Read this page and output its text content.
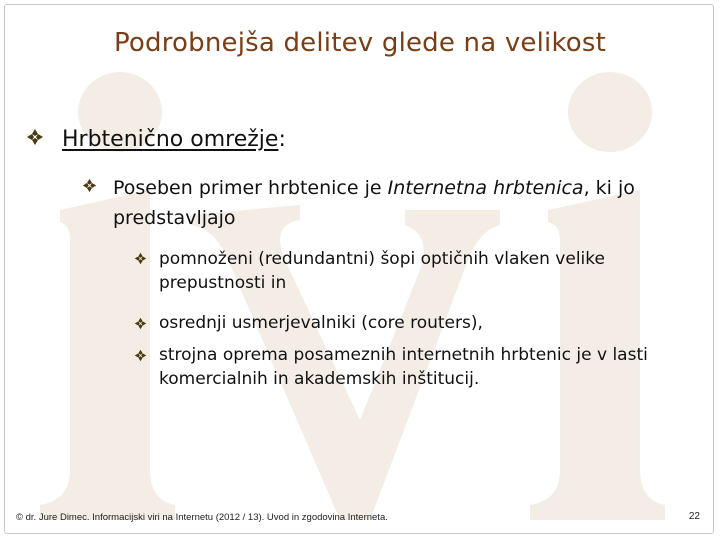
Podrobnejša delitev glede na velikost
Hrbtenično omrežje:
Poseben primer hrbtenice je Internetna hrbtenica, ki jo predstavljajo
pomnoženi (redundantni) šopi optičnih vlaken velike prepustnosti in
osrednji usmerjevalniki (core routers),
strojna oprema posameznih internetnih hrbtenic je v lasti komercialnih in akademskih inštitucij.
© dr. Jure Dimec. Informacijski viri na Internetu (2012 / 13). Uvod in zgodovina Interneta.	22
